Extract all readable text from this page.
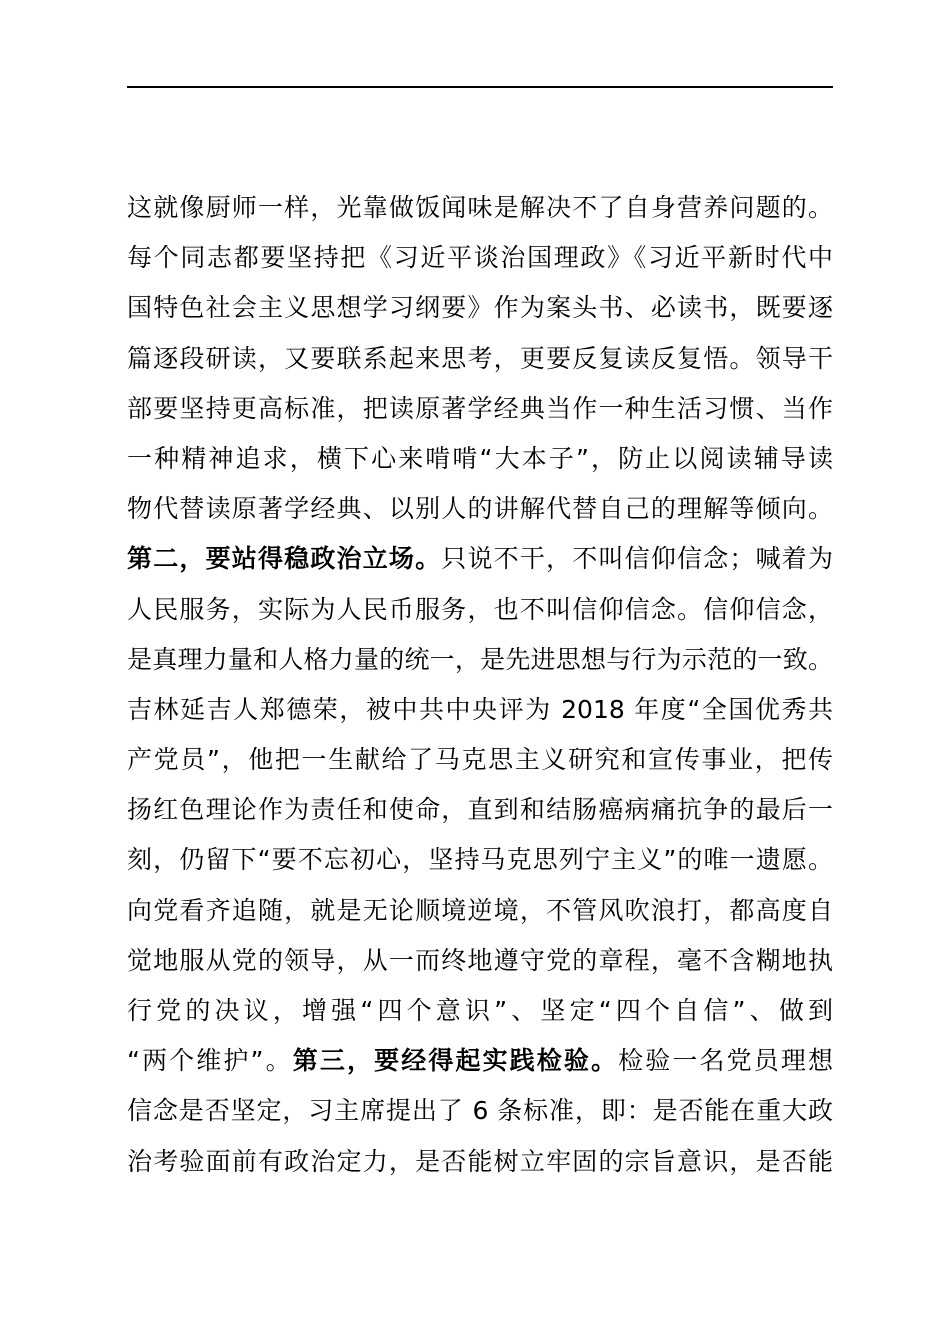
这就像厨师一样，光靠做饭闻味是解决不了自身营养问题的。
每个同志都要坚持把《习近平谈治国理政》《习近平新时代中
国特色社会主义思想学习纲要》作为案头书、必读书，既要逐
篇逐段研读，又要联系起来思考，更要反复读反复悟。领导干
部要坚持更高标准，把读原著学经典当作一种生活习惯、当作
一种精神追求，横下心来啃啃“大本子”，防止以阅读辅导读
物代替读原著学经典、以别人的讲解代替自己的理解等倾向。
第二，要站得稳政治立场。只说不干，不叫信仰信念；喊着为
人民服务，实际为人民币服务，也不叫信仰信念。信仰信念，
是真理力量和人格力量的统一，是先进思想与行为示范的一致。
吉林延吉人郑德荣，被中共中央评为 2018 年度“全国优秀共
产党员”，他把一生献给了马克思主义研究和宣传事业，把传
扬红色理论作为责任和使命，直到和结肠癌病痛抗争的最后一
刻，仍留下“要不忘初心，坚持马克思列宁主义”的唯一遗愿。
向党看齐追随，就是无论顺境逆境，不管风吹浪打，都高度自
觉地服从党的领导，从一而终地遵守党的章程，毫不含糊地执
行党的决议，增强“四个意识”、坚定“四个自信”、做到
“两个维护”。第三，要经得起实践检验。检验一名党员理想
信念是否坚定，习主席提出了 6 条标准，即：是否能在重大政
治考验面前有政治定力，是否能树立牢固的宗旨意识，是否能
